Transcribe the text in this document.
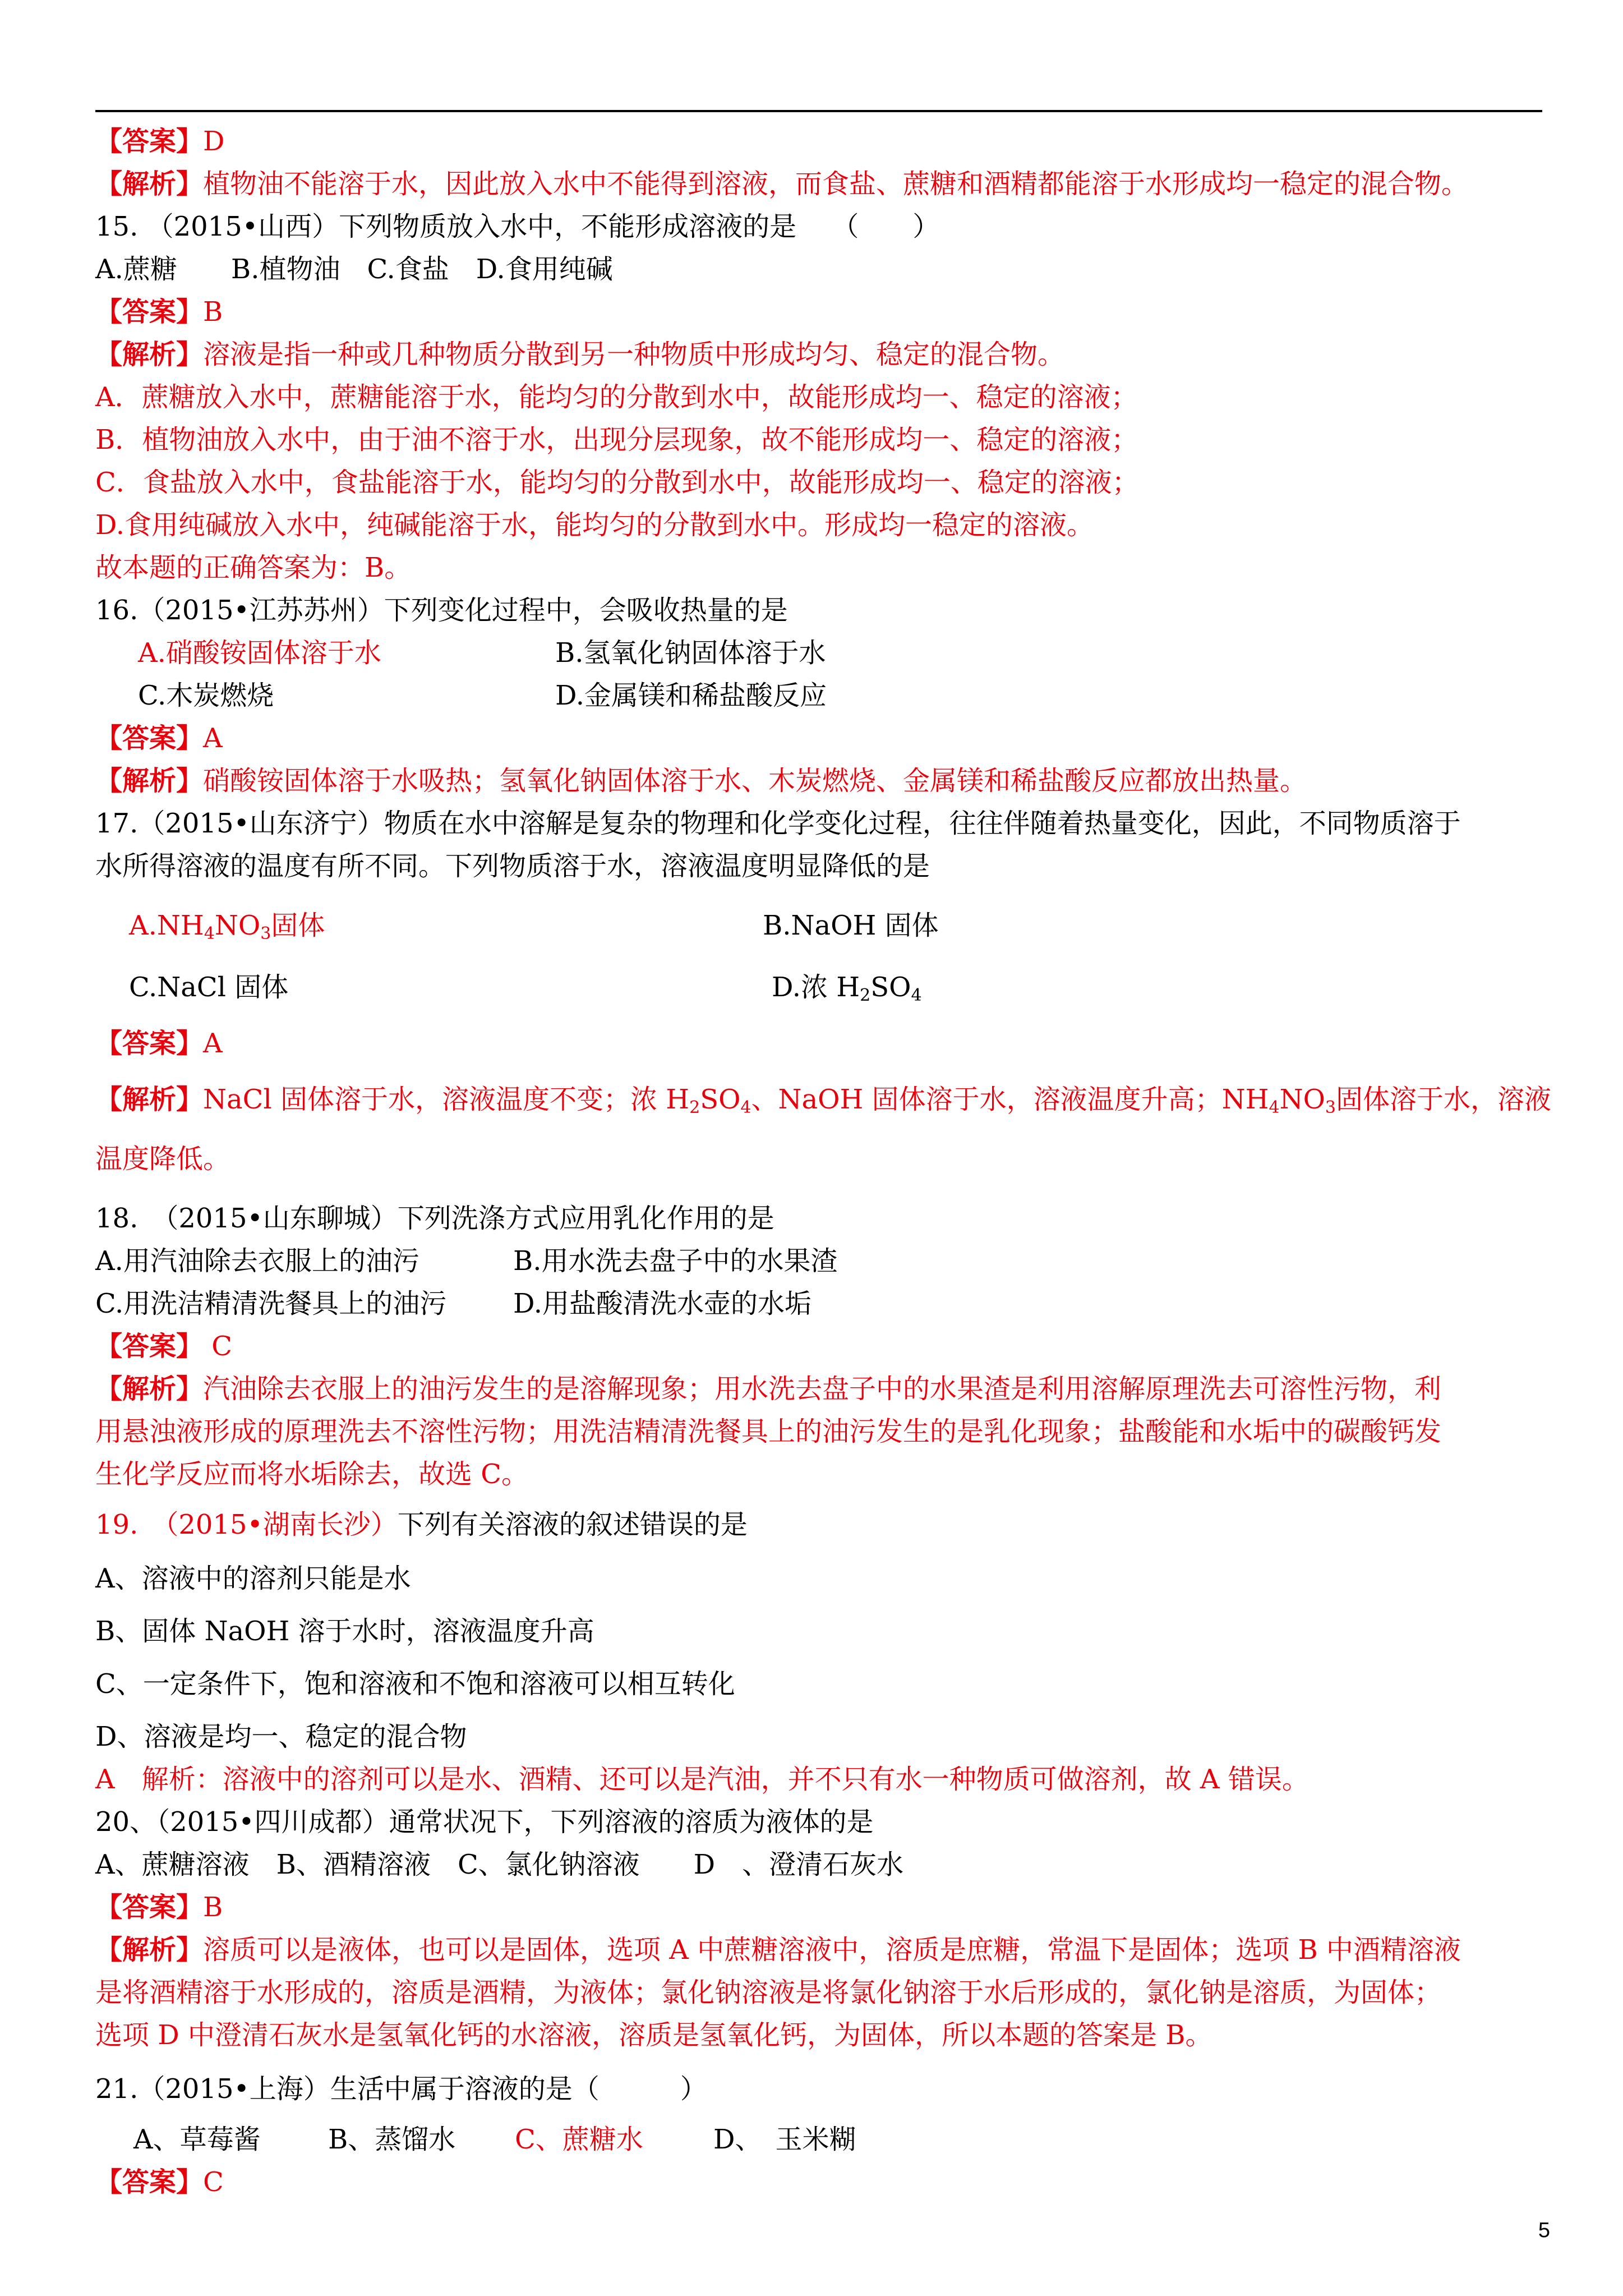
【答案】D
【解析】植物油不能溶于水，因此放入水中不能得到溶液，而食盐、蔗糖和酒精都能溶于水形成均一稳定的混合物。
15. （2015•山西）下列物质放入水中，不能形成溶液的是　 （　　）
A.蔗糖　　B.植物油　C.食盐　D.食用纯碱
【答案】B
【解析】溶液是指一种或几种物质分散到另一种物质中形成均匀、稳定的混合物。
A．蔗糖放入水中，蔗糖能溶于水，能均匀的分散到水中，故能形成均一、稳定的溶液；
B．植物油放入水中，由于油不溶于水，出现分层现象，故不能形成均一、稳定的溶液；
C．食盐放入水中，食盐能溶于水，能均匀的分散到水中，故能形成均一、稳定的溶液；
D.食用纯碱放入水中，纯碱能溶于水，能均匀的分散到水中。形成均一稳定的溶液。
故本题的正确答案为：B。
16.（2015•江苏苏州）下列变化过程中，会吸收热量的是
A.硝酸铵固体溶于水	B.氢氧化钠固体溶于水
C.木炭燃烧	D.金属镁和稀盐酸反应
【答案】A
【解析】硝酸铵固体溶于水吸热；氢氧化钠固体溶于水、木炭燃烧、金属镁和稀盐酸反应都放出热量。
17.（2015•山东济宁）物质在水中溶解是复杂的物理和化学变化过程，往往伴随着热量变化，因此，不同物质溶于
水所得溶液的温度有所不同。下列物质溶于水，溶液温度明显降低的是
$A.NH_4NO_3$固体	B.NaOH 固体
C.NaCl 固体	D.浓 $H_2SO_4$
【答案】A
【解析】NaCl 固体溶于水，溶液温度不变；浓 $H_2SO_4$、NaOH 固体溶于水，溶液温度升高；$NH_4NO_3$固体溶于水，溶液
温度降低。
18.　（2015•山东聊城）下列洗涤方式应用乳化作用的是
A.用汽油除去衣服上的油污	B.用水洗去盘子中的水果渣
C.用洗洁精清洗餐具上的油污 D.用盐酸清洗水壶的水垢
【答案】 C
【解析】汽油除去衣服上的油污发生的是溶解现象；用水洗去盘子中的水果渣是利用溶解原理洗去可溶性污物，利
用悬浊液形成的原理洗去不溶性污物；用洗洁精清洗餐具上的油污发生的是乳化现象；盐酸能和水垢中的碳酸钙发
生化学反应而将水垢除去，故选 C。
19.　（2015•湖南长沙）下列有关溶液的叙述错误的是
A、溶液中的溶剂只能是水
B、固体 NaOH 溶于水时，溶液温度升高
C、一定条件下，饱和溶液和不饱和溶液可以相互转化
D、溶液是均一、稳定的混合物
A　解析：溶液中的溶剂可以是水、酒精、还可以是汽油，并不只有水一种物质可做溶剂，故 A 错误。
20、（2015•四川成都）通常状况下，下列溶液的溶质为液体的是
A、蔗糖溶液　B、酒精溶液　C、氯化钠溶液　　D　、澄清石灰水
【答案】B
【解析】溶质可以是液体，也可以是固体，选项 A 中蔗糖溶液中，溶质是庶糖，常温下是固体；选项 B 中酒精溶液
是将酒精溶于水形成的，溶质是酒精，为液体；氯化钠溶液是将氯化钠溶于水后形成的，氯化钠是溶质，为固体；
选项 D 中澄清石灰水是氢氧化钙的水溶液，溶质是氢氧化钙，为固体，所以本题的答案是 B。
21.（2015•上海）生活中属于溶液的是（　　　）
A、草莓酱	B、蒸馏水 C、蔗糖水	D、　玉米糊
【答案】C
5
